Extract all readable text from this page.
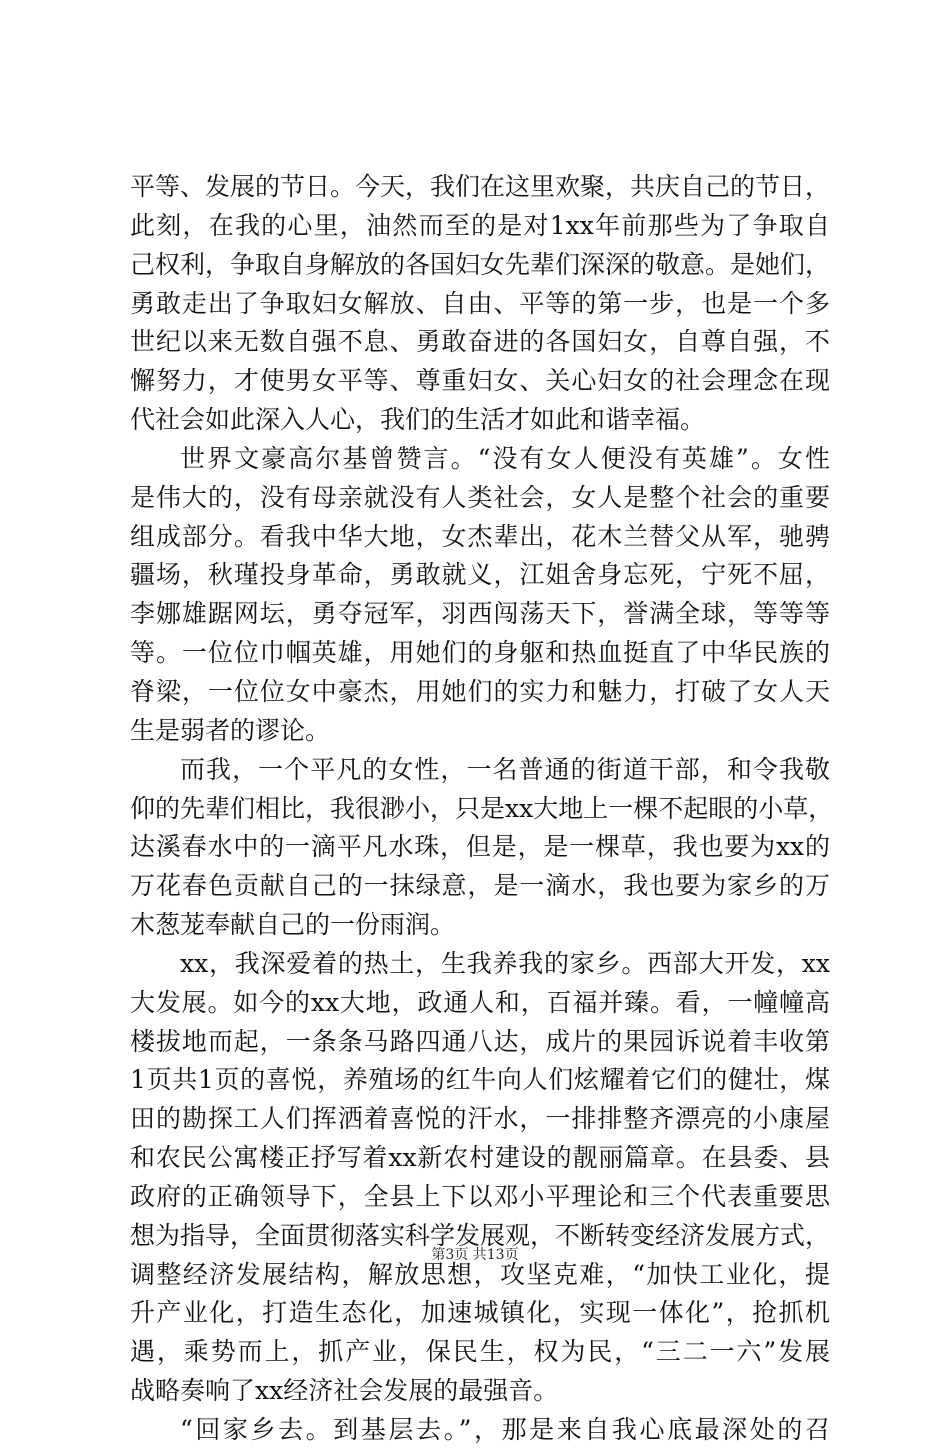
平等、发展的节日。今天，我们在这里欢聚，共庆自己的节日，
此刻，在我的心里，油然而至的是对1xx年前那些为了争取自
己权利，争取自身解放的各国妇女先辈们深深的敬意。是她们，
勇敢走出了争取妇女解放、自由、平等的第一步，也是一个多
世纪以来无数自强不息、勇敢奋进的各国妇女，自尊自强，不
懈努力，才使男女平等、尊重妇女、关心妇女的社会理念在现
代社会如此深入人心，我们的生活才如此和谐幸福。
世界文豪高尔基曾赞言。“没有女人便没有英雄”。女性
是伟大的，没有母亲就没有人类社会，女人是整个社会的重要
组成部分。看我中华大地，女杰辈出，花木兰替父从军，驰骋
疆场，秋瑾投身革命，勇敢就义，江姐舍身忘死，宁死不屈，
李娜雄踞网坛，勇夺冠军，羽西闯荡天下，誉满全球，等等等
等。一位位巾帼英雄，用她们的身躯和热血挺直了中华民族的
脊梁，一位位女中豪杰，用她们的实力和魅力，打破了女人天
生是弱者的谬论。
而我，一个平凡的女性，一名普通的街道干部，和令我敬
仰的先辈们相比，我很渺小，只是xx大地上一棵不起眼的小草，
达溪春水中的一滴平凡水珠，但是，是一棵草，我也要为xx的
万花春色贡献自己的一抹绿意，是一滴水，我也要为家乡的万
木葱茏奉献自己的一份雨润。
xx，我深爱着的热土，生我养我的家乡。西部大开发，xx
大发展。如今的xx大地，政通人和，百福并臻。看，一幢幢高
楼拔地而起，一条条马路四通八达，成片的果园诉说着丰收第
1页共1页的喜悦，养殖场的红牛向人们炫耀着它们的健壮，煤
田的勘探工人们挥洒着喜悦的汗水，一排排整齐漂亮的小康屋
和农民公寓楼正抒写着xx新农村建设的靓丽篇章。在县委、县
政府的正确领导下，全县上下以邓小平理论和三个代表重要思
想为指导，全面贯彻落实科学发展观，不断转变经济发展方式，
调整经济发展结构，解放思想，攻坚克难，“加快工业化，提
升产业化，打造生态化，加速城镇化，实现一体化”，抢抓机
遇，乘势而上，抓产业，保民生，权为民，“三二一六”发展
战略奏响了xx经济社会发展的最强音。
“回家乡去。到基层去。”，那是来自我心底最深处的召
第3页 共13页
